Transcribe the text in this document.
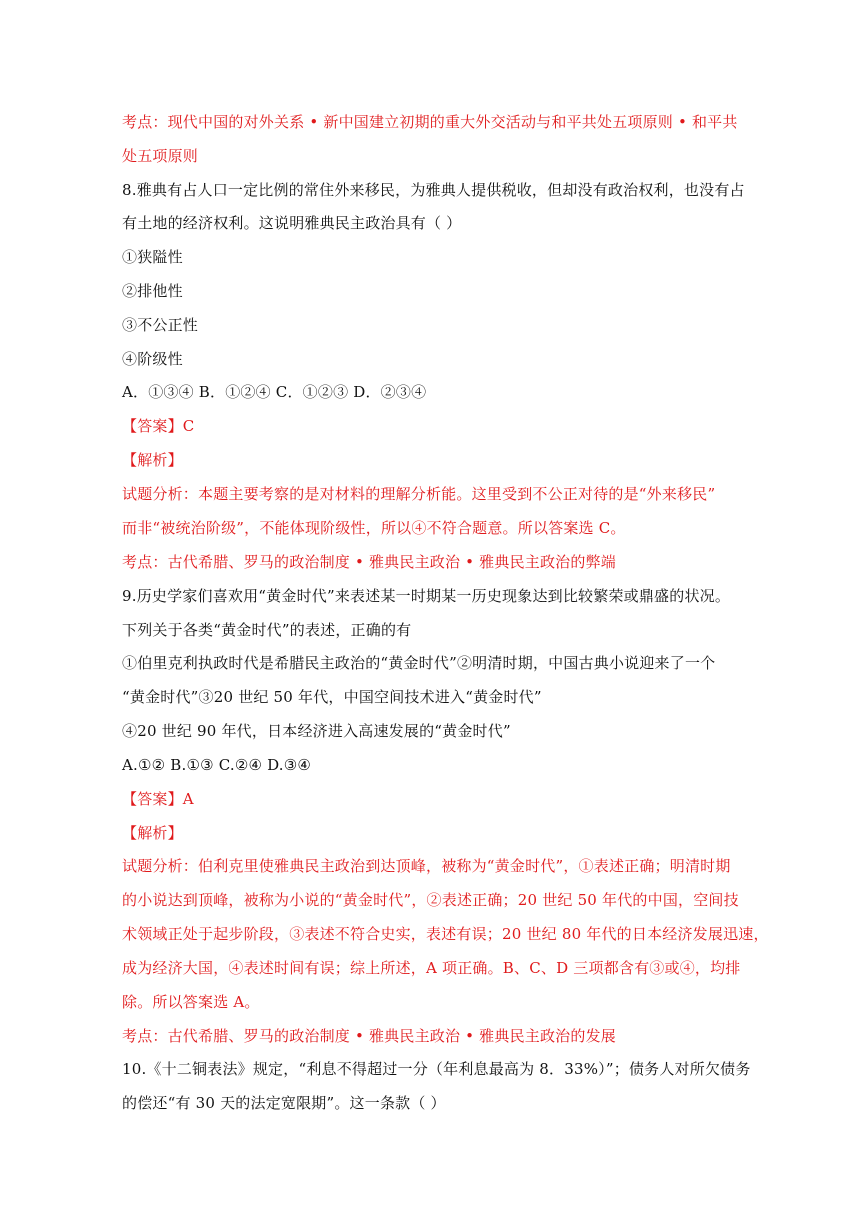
考点：现代中国的对外关系 • 新中国建立初期的重大外交活动与和平共处五项原则 • 和平共
处五项原则
8.雅典有占人口一定比例的常住外来移民，为雅典人提供税收，但却没有政治权利，也没有占
有土地的经济权利。这说明雅典民主政治具有（ ）
①狭隘性
②排他性
③不公正性
④阶级性
A．①③④ B．①②④ C．①②③ D．②③④
【答案】C
【解析】
试题分析：本题主要考察的是对材料的理解分析能。这里受到不公正对待的是“外来移民”
而非“被统治阶级”，不能体现阶级性，所以④不符合题意。所以答案选 C。
考点：古代希腊、罗马的政治制度 • 雅典民主政治 • 雅典民主政治的弊端
9.历史学家们喜欢用“黄金时代”来表述某一时期某一历史现象达到比较繁荣或鼎盛的状况。
下列关于各类“黄金时代”的表述，正确的有
①伯里克利执政时代是希腊民主政治的“黄金时代”②明清时期，中国古典小说迎来了一个
“黄金时代”③20 世纪 50 年代，中国空间技术进入“黄金时代”
④20 世纪 90 年代，日本经济进入高速发展的“黄金时代”
A.①② B.①③ C.②④ D.③④
【答案】A
【解析】
试题分析：伯利克里使雅典民主政治到达顶峰，被称为“黄金时代”，①表述正确；明清时期
的小说达到顶峰，被称为小说的“黄金时代”，②表述正确；20 世纪 50 年代的中国，空间技
术领域正处于起步阶段，③表述不符合史实，表述有误；20 世纪 80 年代的日本经济发展迅速，
成为经济大国，④表述时间有误；综上所述，A 项正确。B、C、D 三项都含有③或④，均排
除。所以答案选 A。
考点：古代希腊、罗马的政治制度 • 雅典民主政治 • 雅典民主政治的发展
10.《十二铜表法》规定，“利息不得超过一分（年利息最高为 8．33%）”；债务人对所欠债务
的偿还“有 30 天的法定宽限期”。这一条款（ ）
